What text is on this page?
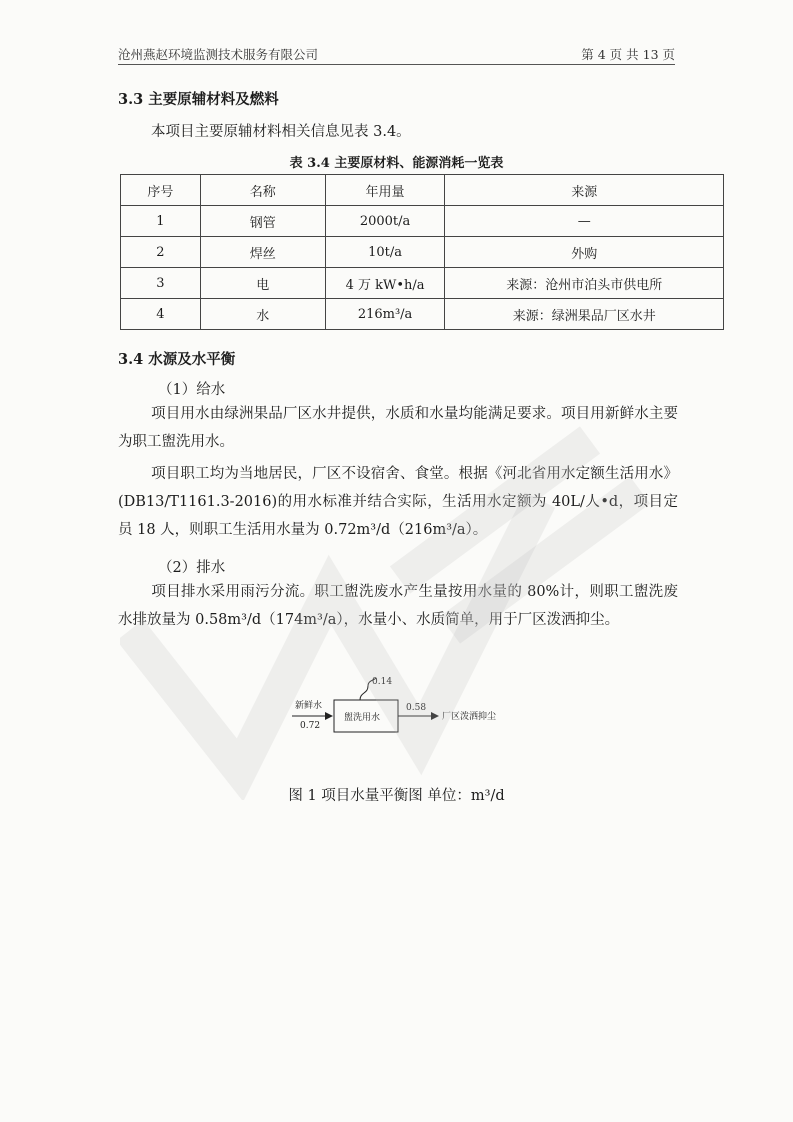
沧州燕赵环境监测技术服务有限公司	第 4 页 共 13 页
3.3 主要原辅材料及燃料
本项目主要原辅材料相关信息见表 3.4。
表 3.4 主要原材料、能源消耗一览表
序号	名称	年用量	来源
1	钢管	2000t/a	—
2	焊丝	10t/a	外购
3	电	4 万 kW•h/a	来源：沧州市泊头市供电所
4	水	216m³/a	来源：绿洲果品厂区水井
3.4 水源及水平衡
（1）给水
项目用水由绿洲果品厂区水井提供，水质和水量均能满足要求。项目用新鲜水主要为职工盥洗用水。
项目职工均为当地居民，厂区不设宿舍、食堂。根据《河北省用水定额生活用水》(DB13/T1161.3-2016)的用水标准并结合实际，生活用水定额为 40L/人•d，项目定员 18 人，则职工生活用水量为 0.72m³/d（216m³/a）。
（2）排水
项目排水采用雨污分流。职工盥洗废水产生量按用水量的 80%计，则职工盥洗废水排放量为 0.58m³/d（174m³/a），水量小、水质简单，用于厂区泼洒抑尘。
新鲜水
0.72
盥洗用水
0.14
0.58
厂区泼洒抑尘
图 1 项目水量平衡图 单位：m³/d
